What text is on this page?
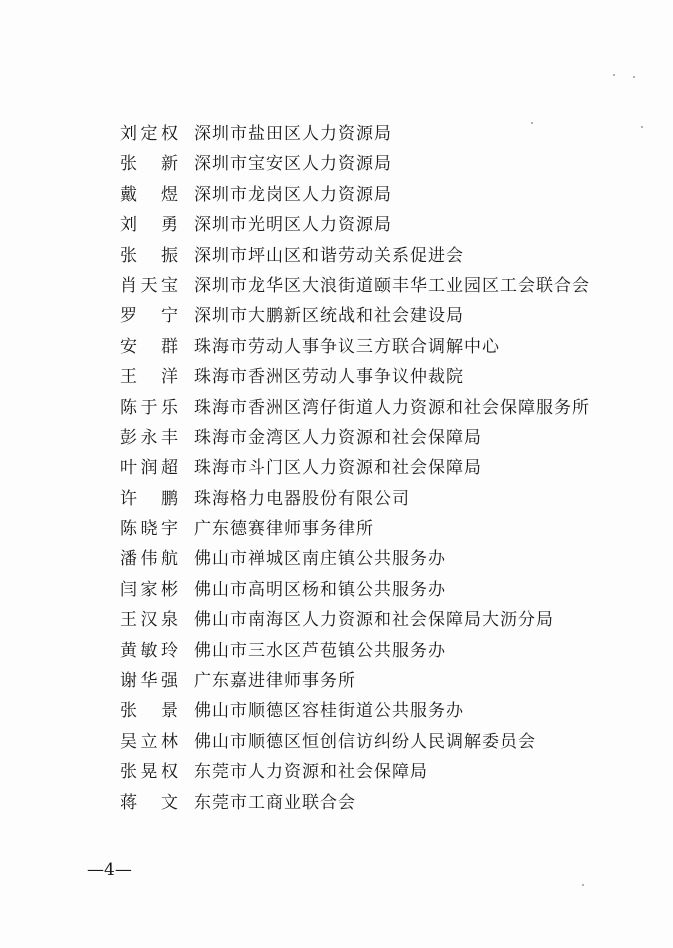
刘定权 深圳市盐田区人力资源局
张新 深圳市宝安区人力资源局
戴煜 深圳市龙岗区人力资源局
刘勇 深圳市光明区人力资源局
张振 深圳市坪山区和谐劳动关系促进会
肖天宝 深圳市龙华区大浪街道颐丰华工业园区工会联合会
罗宁 深圳市大鹏新区统战和社会建设局
安群 珠海市劳动人事争议三方联合调解中心
王洋 珠海市香洲区劳动人事争议仲裁院
陈于乐 珠海市香洲区湾仔街道人力资源和社会保障服务所
彭永丰 珠海市金湾区人力资源和社会保障局
叶润超 珠海市斗门区人力资源和社会保障局
许鹏 珠海格力电器股份有限公司
陈晓宇 广东德赛律师事务律所
潘伟航 佛山市禅城区南庄镇公共服务办
闫家彬 佛山市高明区杨和镇公共服务办
王汉泉 佛山市南海区人力资源和社会保障局大沥分局
黄敏玲 佛山市三水区芦苞镇公共服务办
谢华强 广东嘉进律师事务所
张景 佛山市顺德区容桂街道公共服务办
吴立林 佛山市顺德区恒创信访纠纷人民调解委员会
张晃权 东莞市人力资源和社会保障局
蒋文 东莞市工商业联合会
—4—
